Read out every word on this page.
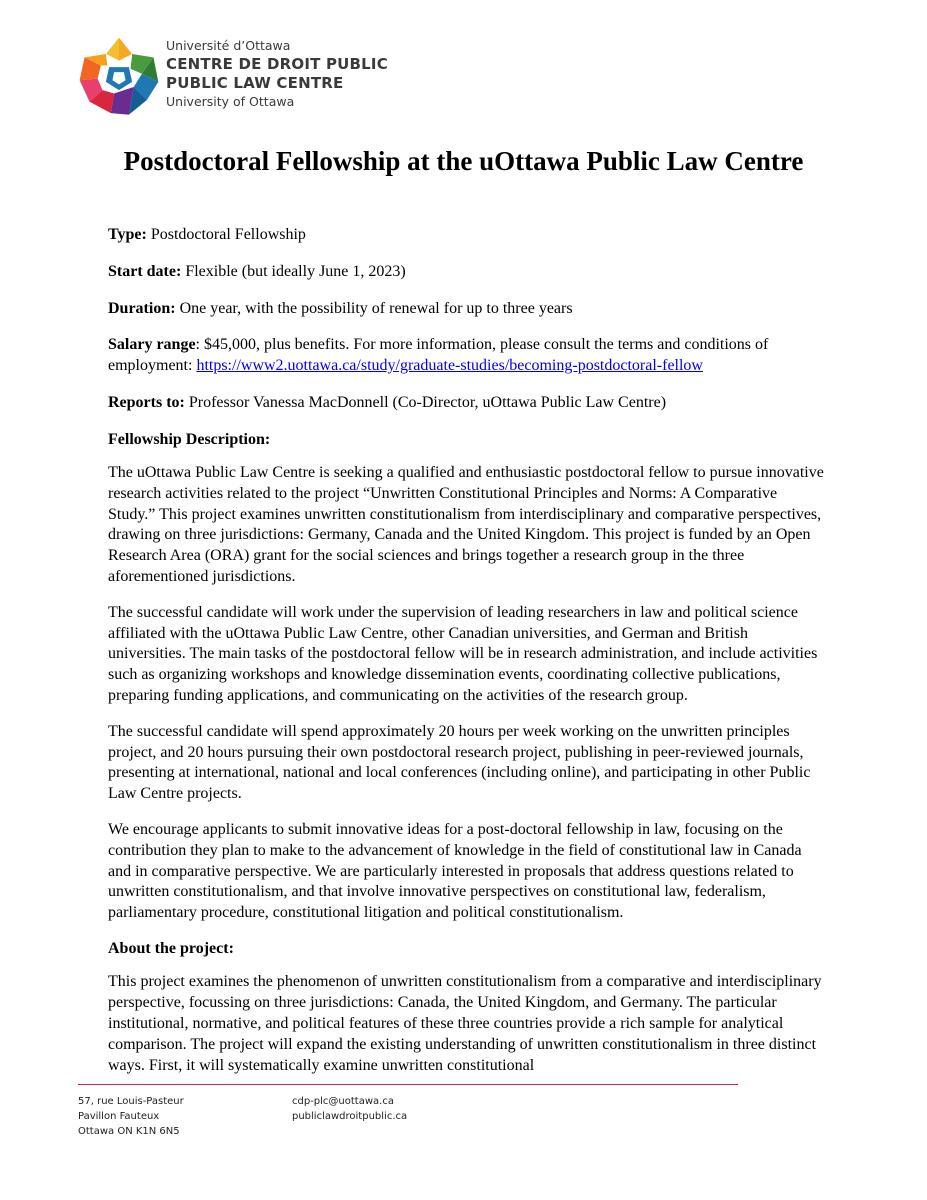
Université d’Ottawa
CENTRE DE DROIT PUBLIC
PUBLIC LAW CENTRE
University of Ottawa
Postdoctoral Fellowship at the uOttawa Public Law Centre

Type: Postdoctoral Fellowship

Start date: Flexible (but ideally June 1, 2023)

Duration: One year, with the possibility of renewal for up to three years

Salary range: $45,000, plus benefits. For more information, please consult the terms and conditions of employment: https://www2.uottawa.ca/study/graduate-studies/becoming-postdoctoral-fellow

Reports to: Professor Vanessa MacDonnell (Co-Director, uOttawa Public Law Centre)

Fellowship Description:

The uOttawa Public Law Centre is seeking a qualified and enthusiastic postdoctoral fellow to pursue innovative research activities related to the project “Unwritten Constitutional Principles and Norms: A Comparative Study.” This project examines unwritten constitutionalism from interdisciplinary and comparative perspectives, drawing on three jurisdictions: Germany, Canada and the United Kingdom. This project is funded by an Open Research Area (ORA) grant for the social sciences and brings together a research group in the three aforementioned jurisdictions.

The successful candidate will work under the supervision of leading researchers in law and political science affiliated with the uOttawa Public Law Centre, other Canadian universities, and German and British universities. The main tasks of the postdoctoral fellow will be in research administration, and include activities such as organizing workshops and knowledge dissemination events, coordinating collective publications, preparing funding applications, and communicating on the activities of the research group.

The successful candidate will spend approximately 20 hours per week working on the unwritten principles project, and 20 hours pursuing their own postdoctoral research project, publishing in peer-reviewed journals, presenting at international, national and local conferences (including online), and participating in other Public Law Centre projects.

We encourage applicants to submit innovative ideas for a post-doctoral fellowship in law, focusing on the contribution they plan to make to the advancement of knowledge in the field of constitutional law in Canada and in comparative perspective. We are particularly interested in proposals that address questions related to unwritten constitutionalism, and that involve innovative perspectives on constitutional law, federalism, parliamentary procedure, constitutional litigation and political constitutionalism.

About the project:

This project examines the phenomenon of unwritten constitutionalism from a comparative and interdisciplinary perspective, focussing on three jurisdictions: Canada, the United Kingdom, and Germany. The particular institutional, normative, and political features of these three countries provide a rich sample for analytical comparison. The project will expand the existing understanding of unwritten constitutionalism in three distinct ways. First, it will systematically examine unwritten constitutional

57, rue Louis-Pasteur
Pavillon Fauteux
Ottawa ON K1N 6N5
cdp-plc@uottawa.ca
publiclawdroitpublic.ca
